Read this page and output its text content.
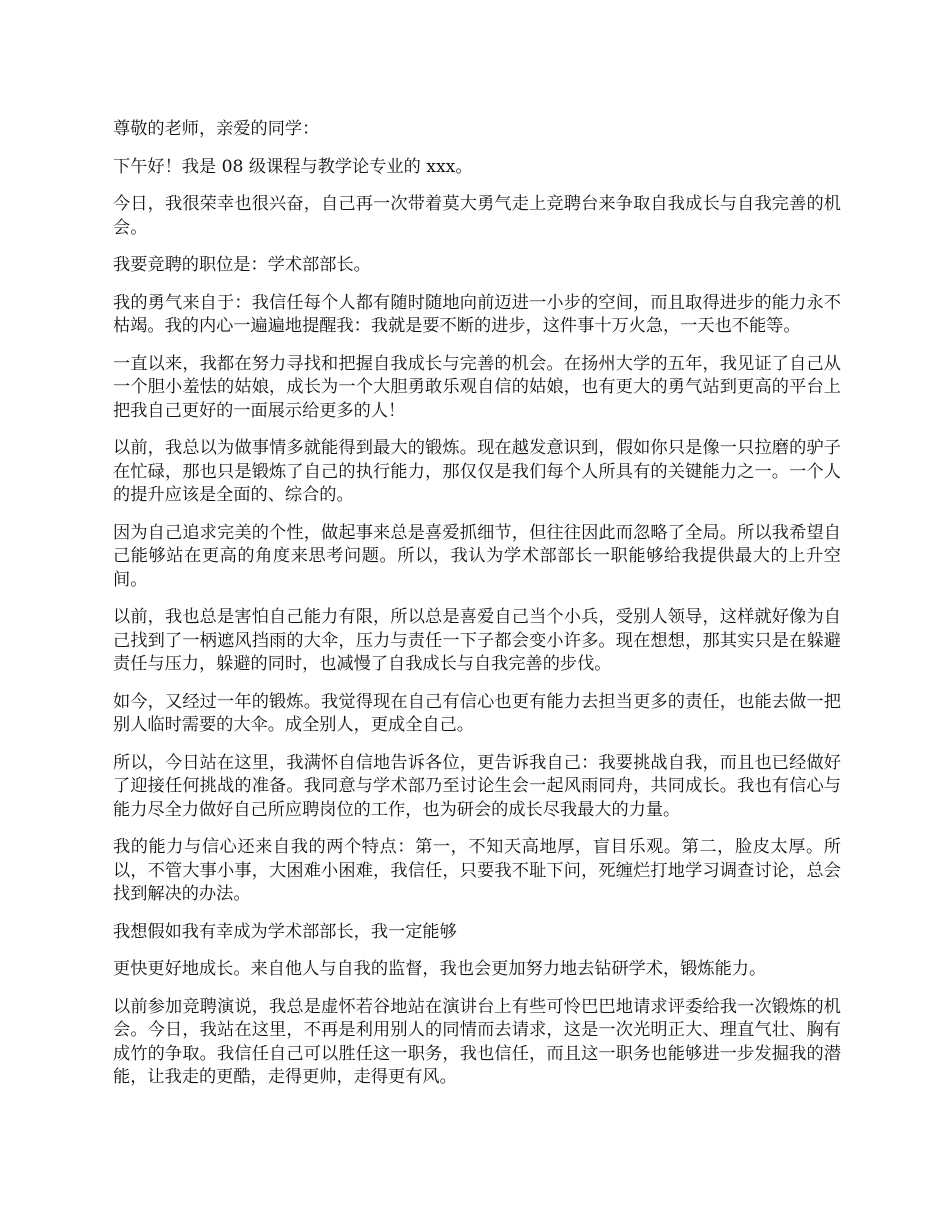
尊敬的老师，亲爱的同学：

下午好！我是 08 级课程与教学论专业的 xxx。

今日，我很荣幸也很兴奋，自己再一次带着莫大勇气走上竞聘台来争取自我成长与自我完善的机会。

我要竞聘的职位是：学术部部长。

我的勇气来自于：我信任每个人都有随时随地向前迈进一小步的空间，而且取得进步的能力永不枯竭。我的内心一遍遍地提醒我：我就是要不断的进步，这件事十万火急，一天也不能等。

一直以来，我都在努力寻找和把握自我成长与完善的机会。在扬州大学的五年，我见证了自己从一个胆小羞怯的姑娘，成长为一个大胆勇敢乐观自信的姑娘，也有更大的勇气站到更高的平台上把我自己更好的一面展示给更多的人！

以前，我总以为做事情多就能得到最大的锻炼。现在越发意识到，假如你只是像一只拉磨的驴子在忙碌，那也只是锻炼了自己的执行能力，那仅仅是我们每个人所具有的关键能力之一。一个人的提升应该是全面的、综合的。

因为自己追求完美的个性，做起事来总是喜爱抓细节，但往往因此而忽略了全局。所以我希望自己能够站在更高的角度来思考问题。所以，我认为学术部部长一职能够给我提供最大的上升空间。

以前，我也总是害怕自己能力有限，所以总是喜爱自己当个小兵，受别人领导，这样就好像为自己找到了一柄遮风挡雨的大伞，压力与责任一下子都会变小许多。现在想想，那其实只是在躲避责任与压力，躲避的同时，也减慢了自我成长与自我完善的步伐。

如今，又经过一年的锻炼。我觉得现在自己有信心也更有能力去担当更多的责任，也能去做一把别人临时需要的大伞。成全别人，更成全自己。

所以，今日站在这里，我满怀自信地告诉各位，更告诉我自己：我要挑战自我，而且也已经做好了迎接任何挑战的准备。我同意与学术部乃至讨论生会一起风雨同舟，共同成长。我也有信心与能力尽全力做好自己所应聘岗位的工作，也为研会的成长尽我最大的力量。

我的能力与信心还来自我的两个特点：第一，不知天高地厚，盲目乐观。第二，脸皮太厚。所以，不管大事小事，大困难小困难，我信任，只要我不耻下问，死缠烂打地学习调查讨论，总会找到解决的办法。

我想假如我有幸成为学术部部长，我一定能够

更快更好地成长。来自他人与自我的监督，我也会更加努力地去钻研学术，锻炼能力。

以前参加竞聘演说，我总是虚怀若谷地站在演讲台上有些可怜巴巴地请求评委给我一次锻炼的机会。今日，我站在这里，不再是利用别人的同情而去请求，这是一次光明正大、理直气壮、胸有成竹的争取。我信任自己可以胜任这一职务，我也信任，而且这一职务也能够进一步发掘我的潜能，让我走的更酷，走得更帅，走得更有风。
